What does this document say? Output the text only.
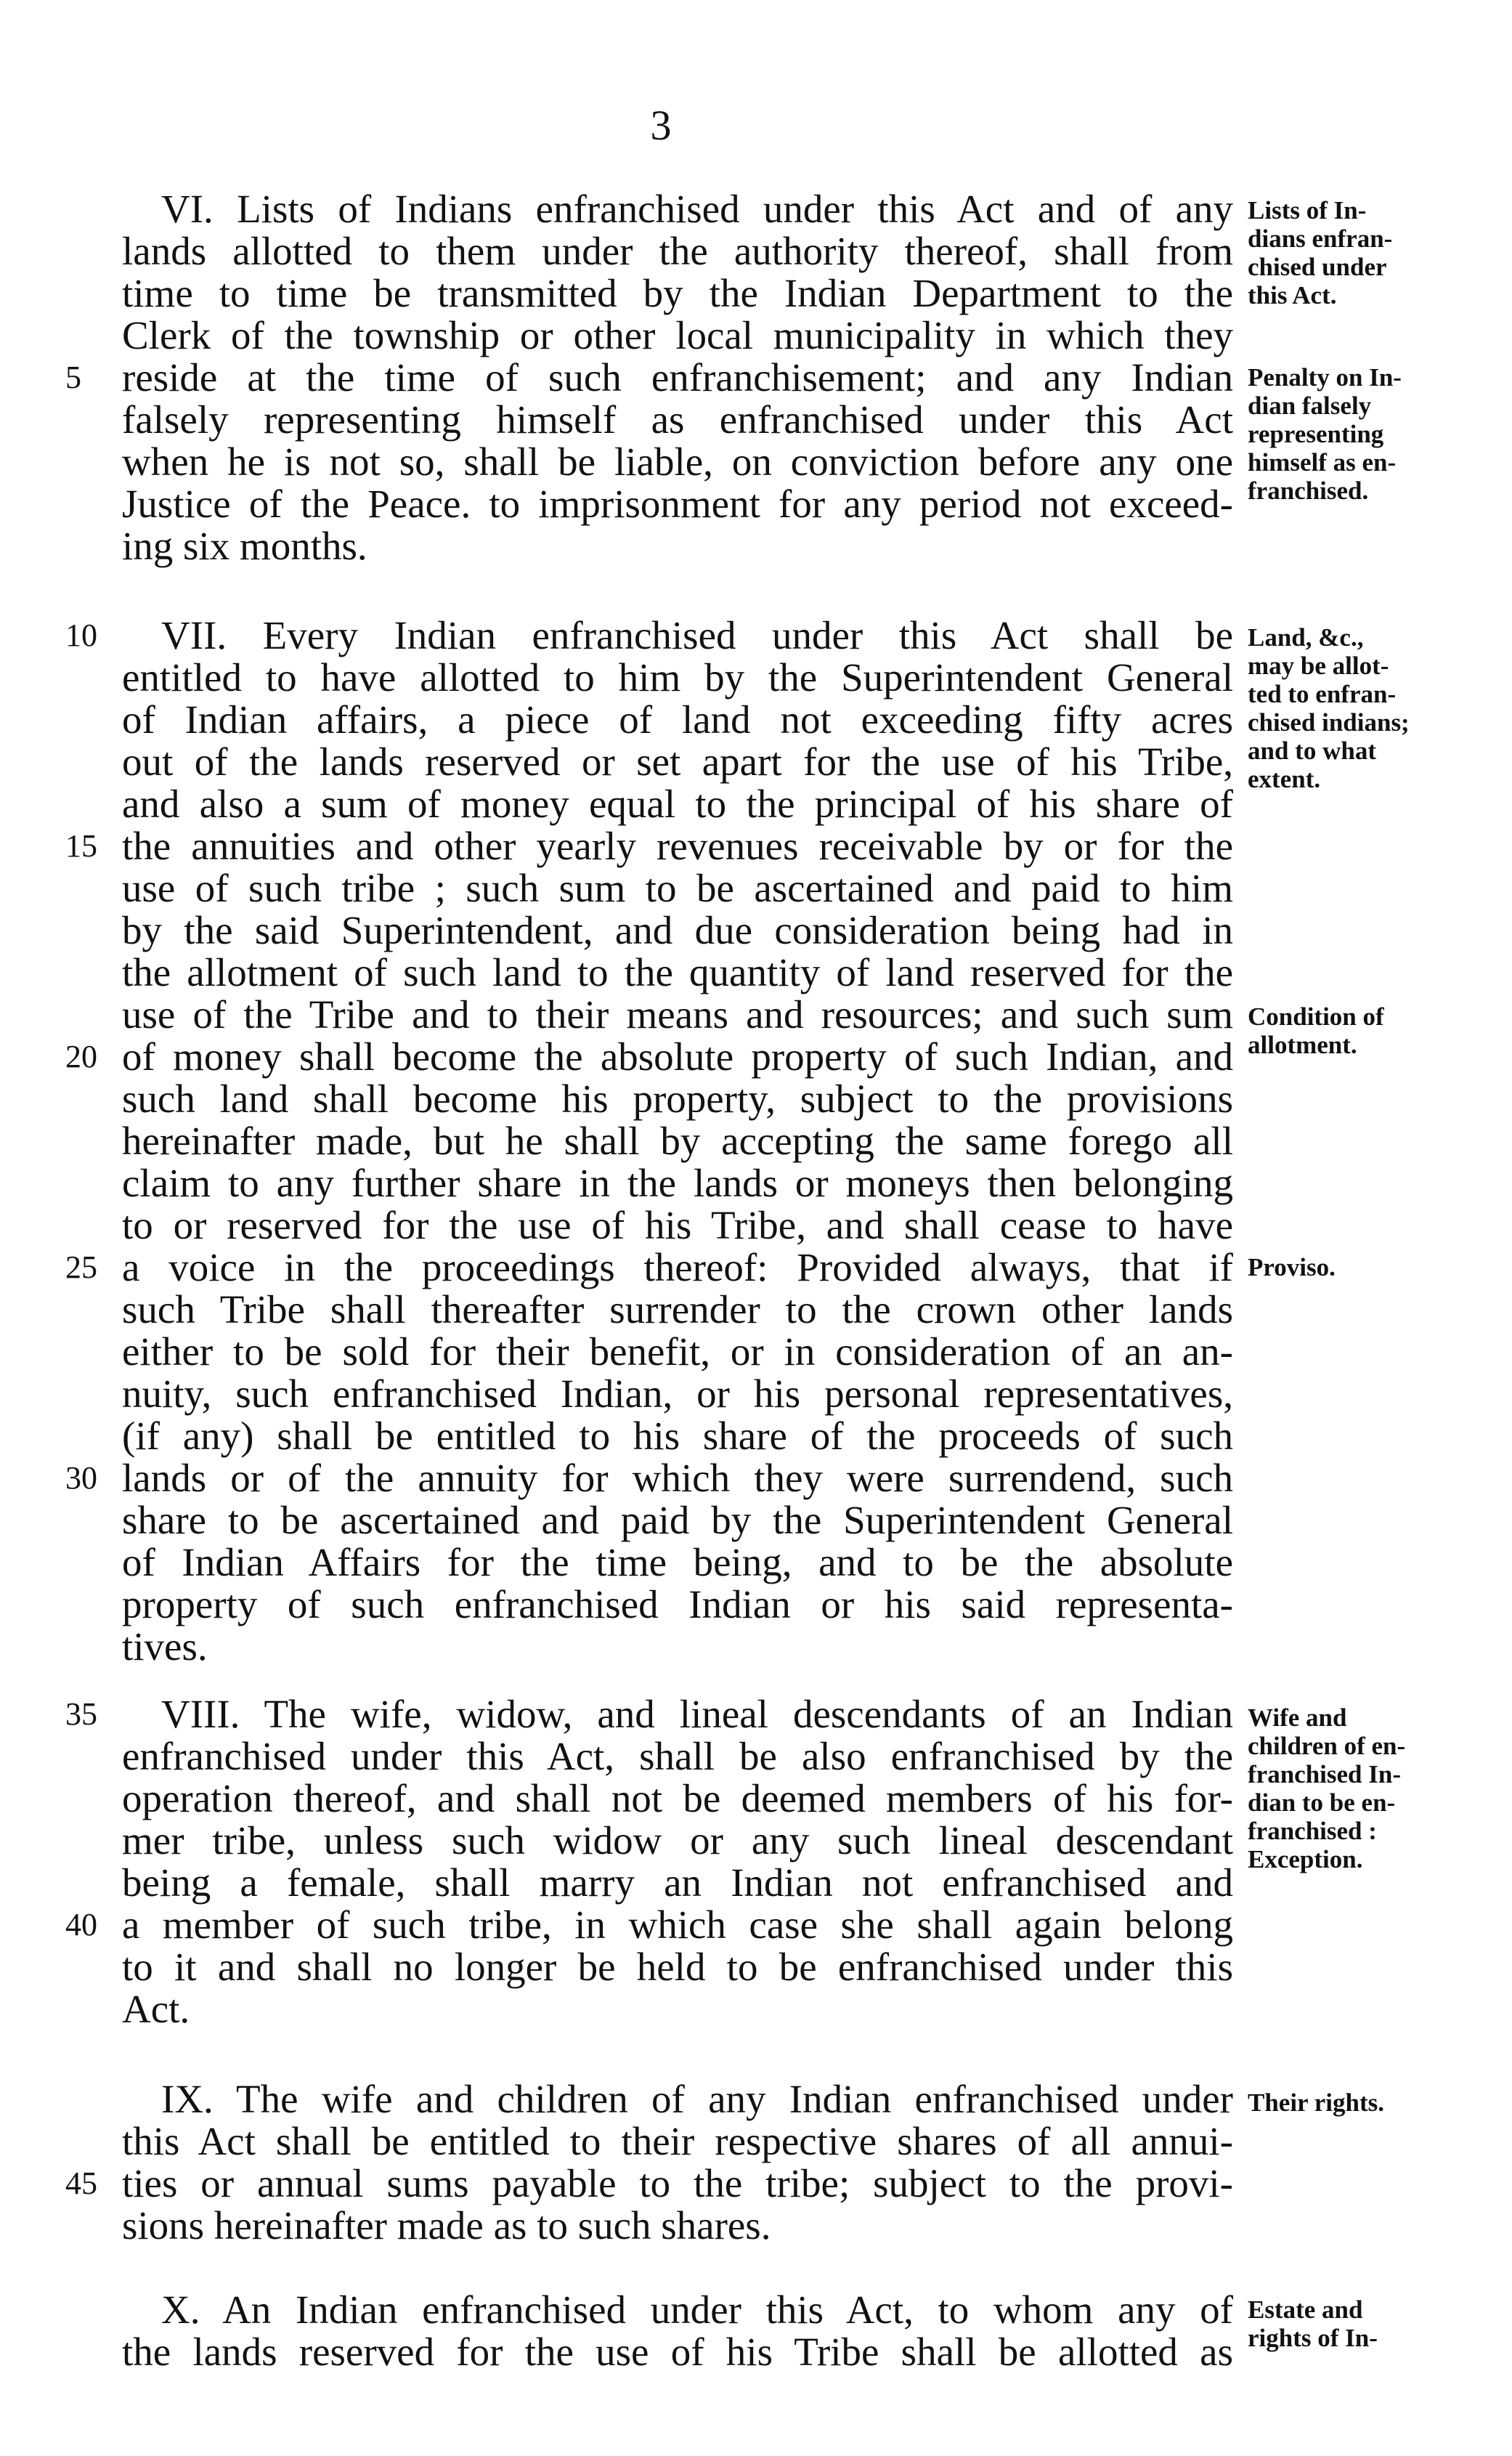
3
VI. Lists of Indians enfranchised under this Act and of any
lands allotted to them under the authority thereof, shall from
time to time be transmitted by the Indian Department to the
Clerk of the township or other local municipality in which they
5	reside at the time of such enfranchisement; and any Indian
falsely representing himself as enfranchised under this Act
when he is not so, shall be liable, on conviction before any one
Justice of the Peace. to imprisonment for any period not exceed-
ing six months.
10	VII. Every Indian enfranchised under this Act shall be
entitled to have allotted to him by the Superintendent General
of Indian affairs, a piece of land not exceeding fifty acres
out of the lands reserved or set apart for the use of his Tribe,
and also a sum of money equal to the principal of his share of
15 the annuities and other yearly revenues receivable by or for the
use of such tribe ; such sum to be ascertained and paid to him
by the said Superintendent, and due consideration being had in
the allotment of such land to the quantity of land reserved for the
use of the Tribe and to their means and resources; and such sum
20 of money shall become the absolute property of such Indian, and
such land shall become his property, subject to the provisions
hereinafter made, but he shall by accepting the same forego all
claim to any further share in the lands or moneys then belonging
to or reserved for the use of his Tribe, and shall cease to have
25 a voice in the proceedings thereof: Provided always, that if
such Tribe shall thereafter surrender to the crown other lands
either to be sold for their benefit, or in consideration of an an-
nuity, such enfranchised Indian, or his personal representatives,
(if any) shall be entitled to his share of the proceeds of such
30 lands or of the annuity for which they were surrendend, such
share to be ascertained and paid by the Superintendent General
of Indian Affairs for the time being, and to be the absolute
property of such enfranchised Indian or his said representa-
tives.
35	VIII. The wife, widow, and lineal descendants of an Indian
enfranchised under this Act, shall be also enfranchised by the
operation thereof, and shall not be deemed members of his for-
mer tribe, unless such widow or any such lineal descendant
being a female, shall marry an Indian not enfranchised and
40 a member of such tribe, in which case she shall again belong
to it and shall no longer be held to be enfranchised under this
Act.
IX. The wife and children of any Indian enfranchised under
this Act shall be entitled to their respective shares of all annui-
45 ties or annual sums payable to the tribe; subject to the provi-
sions hereinafter made as to such shares.
X. An Indian enfranchised under this Act, to whom any of
the lands reserved for the use of his Tribe shall be allotted as
Lists of In-
dians enfran-
chised under
this Act.
Penalty on In-
dian falsely
representing
himself as en-
franchised.
Land, &c.,
may be allot-
ted to enfran-
chised indians;
and to what
extent.
Condition of
allotment.
Proviso.
Wife and
children of en-
franchised In-
dian to be en-
franchised :
Exception.
Their rights.
Estate and
rights of In-
